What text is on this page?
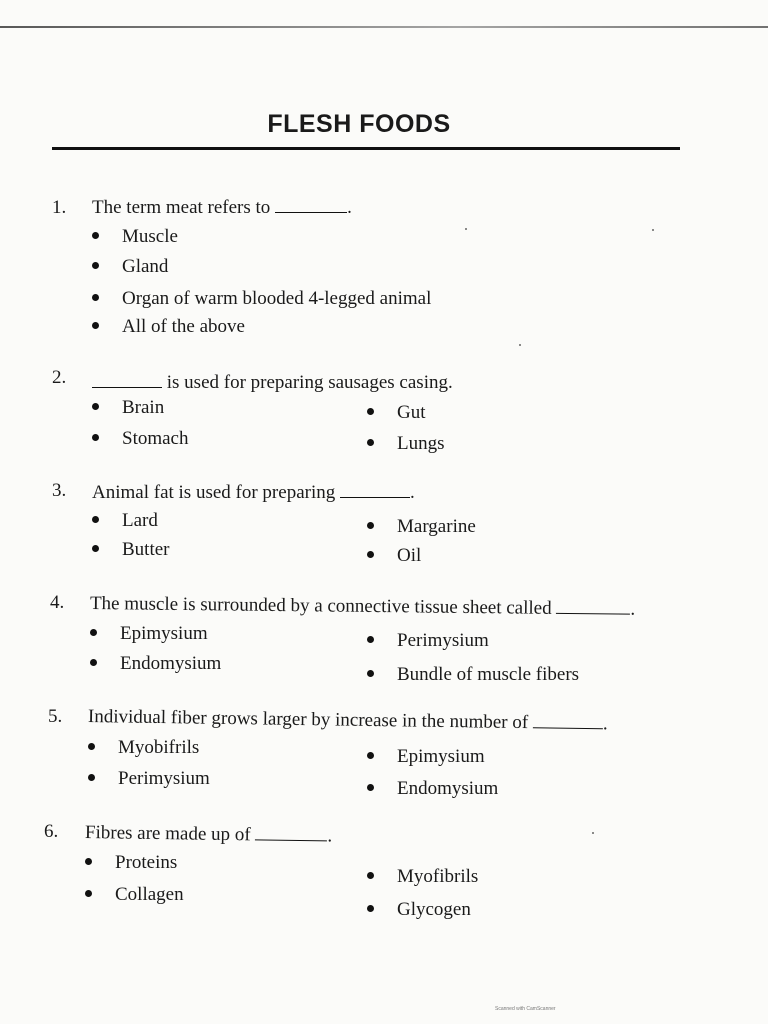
FLESH FOODS
1. The term meat refers to	.
Muscle
Gland
Organ of warm blooded 4-legged animal
All of the above
2.	is used for preparing sausages casing.
Brain
Stomach
Gut
Lungs
3. Animal fat is used for preparing	.
Lard
Butter
Margarine
Oil
4. The muscle is surrounded by a connective tissue sheet called	.
Epimysium
Endomysium
Perimysium
Bundle of muscle fibers
5. Individual fiber grows larger by increase in the number of	.
Myobifrils
Perimysium
Epimysium
Endomysium
6. Fibres are made up of	.
Proteins
Collagen
Myofibrils
Glycogen
Scanned with CamScanner
